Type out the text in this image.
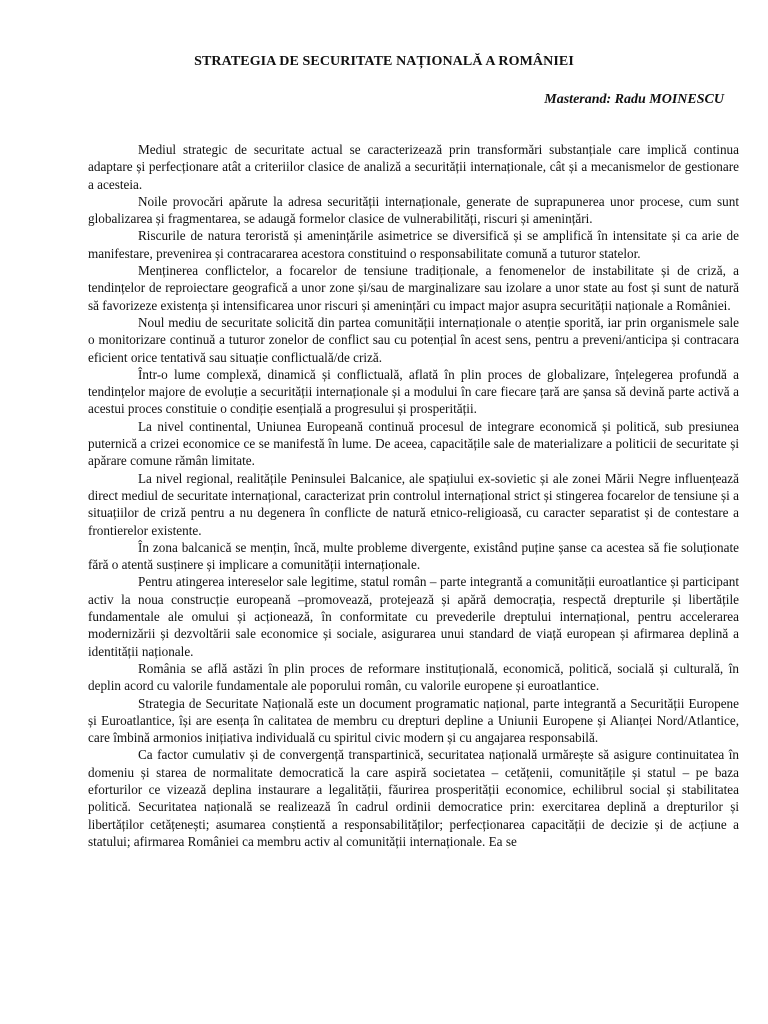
STRATEGIA DE SECURITATE NAȚIONALĂ A ROMÂNIEI

Masterand: Radu MOINESCU

Mediul strategic de securitate actual se caracterizează prin transformări substanțiale care implică continua adaptare și perfecționare atât a criteriilor clasice de analiză a securității internaționale, cât și a mecanismelor de gestionare a acesteia.

Noile provocări apărute la adresa securității internaționale, generate de suprapunerea unor procese, cum sunt globalizarea și fragmentarea, se adaugă formelor clasice de vulnerabilități, riscuri și amenințări.

Riscurile de natura teroristă și amenințările asimetrice se diversifică și se amplifică în intensitate și ca arie de manifestare, prevenirea și contracararea acestora constituind o responsabilitate comună a tuturor statelor.

Menținerea conflictelor, a focarelor de tensiune tradiționale, a fenomenelor de instabilitate și de criză, a tendințelor de reproiectare geografică a unor zone și/sau de marginalizare sau izolare a unor state au fost și sunt de natură să favorizeze existența și intensificarea unor riscuri și amenințări cu impact major asupra securității naționale a României.

Noul mediu de securitate solicită din partea comunității internaționale o atenție sporită, iar prin organismele sale o monitorizare continuă a tuturor zonelor de conflict sau cu potențial în acest sens, pentru a preveni/anticipa și contracara eficient orice tentativă sau situație conflictuală/de criză.

Într-o lume complexă, dinamică și conflictuală, aflată în plin proces de globalizare, înțelegerea profundă a tendințelor majore de evoluție a securității internaționale și a modului în care fiecare țară are șansa să devină parte activă a acestui proces constituie o condiție esențială a progresului și prosperității.

La nivel continental, Uniunea Europeană continuă procesul de integrare economică și politică, sub presiunea puternică a crizei economice ce se manifestă în lume. De aceea, capacitățile sale de materializare a politicii de securitate și apărare comune rămân limitate.

La nivel regional, realitățile Peninsulei Balcanice, ale spațiului ex-sovietic și ale zonei Mării Negre influențează direct mediul de securitate internațional, caracterizat prin controlul internațional strict și stingerea focarelor de tensiune și a situațiilor de criză pentru a nu degenera în conflicte de natură etnico-religioasă, cu caracter separatist și de contestare a frontierelor existente.

În zona balcanică se mențin, încă, multe probleme divergente, existând puține șanse ca acestea să fie soluționate fără o atentă susținere și implicare a comunității internaționale.

Pentru atingerea intereselor sale legitime, statul român – parte integrantă a comunității euroatlantice și participant activ la noua construcție europeană –promovează, protejează și apără democrația, respectă drepturile și libertățile fundamentale ale omului și acționează, în conformitate cu prevederile dreptului internațional, pentru accelerarea modernizării și dezvoltării sale economice și sociale, asigurarea unui standard de viață european și afirmarea deplină a identității naționale.

România se află astăzi în plin proces de reformare instituțională, economică, politică, socială și culturală, în deplin acord cu valorile fundamentale ale poporului român, cu valorile europene și euroatlantice.

Strategia de Securitate Națională este un document programatic național, parte integrantă a Securității Europene și Euroatlantice, își are esența în calitatea de membru cu drepturi depline a Uniunii Europene și Alianței Nord/Atlantice, care îmbină armonios inițiativa individuală cu spiritul civic modern și cu angajarea responsabilă.

Ca factor cumulativ și de convergență transpartinică, securitatea națională urmărește să asigure continuitatea în domeniu și starea de normalitate democratică la care aspiră societatea – cetățenii, comunitățile și statul – pe baza eforturilor ce vizează deplina instaurare a legalității, făurirea prosperității economice, echilibrul social și stabilitatea politică. Securitatea națională se realizează în cadrul ordinii democratice prin: exercitarea deplină a drepturilor și libertăților cetățenești; asumarea conștientă a responsabilităților; perfecționarea capacității de decizie și de acțiune a statului; afirmarea României ca membru activ al comunității internaționale. Ea se
